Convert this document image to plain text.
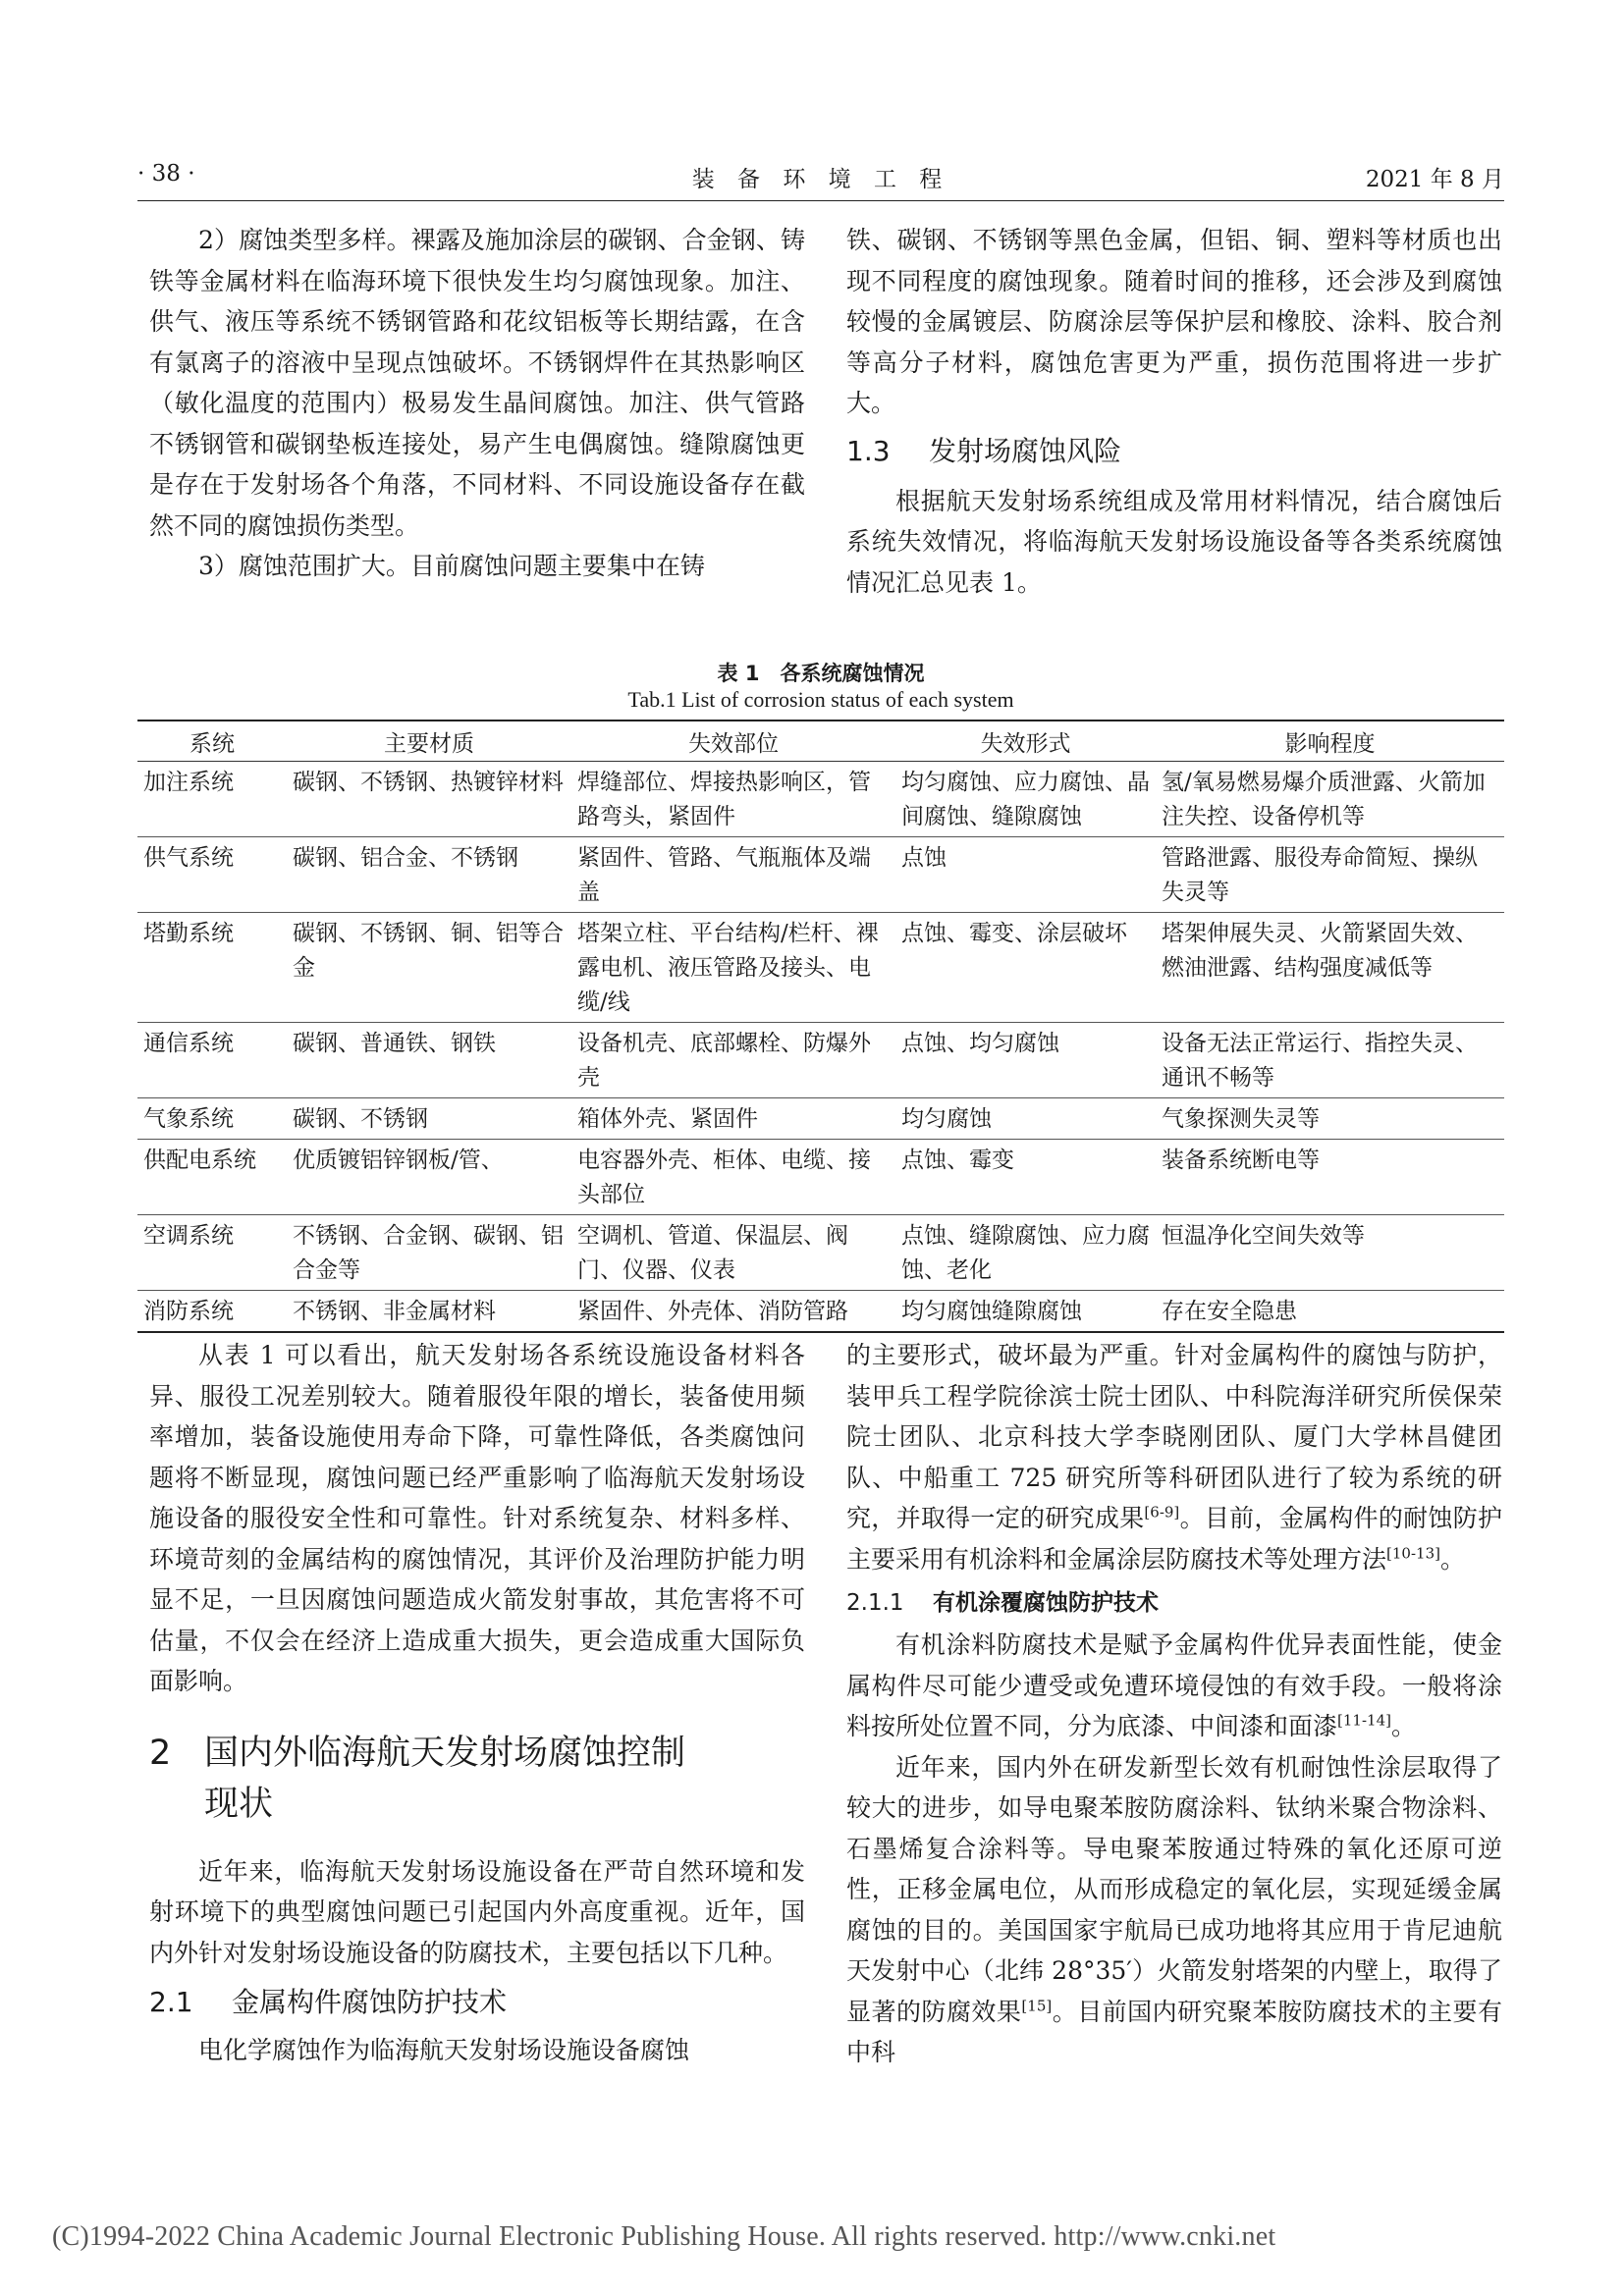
· 38 ·	装 备 环 境 工 程	2021 年 8 月

2）腐蚀类型多样。裸露及施加涂层的碳钢、合金钢、铸铁等金属材料在临海环境下很快发生均匀腐蚀现象。加注、供气、液压等系统不锈钢管路和花纹铝板等长期结露，在含有氯离子的溶液中呈现点蚀破坏。不锈钢焊件在其热影响区（敏化温度的范围内）极易发生晶间腐蚀。加注、供气管路不锈钢管和碳钢垫板连接处，易产生电偶腐蚀。缝隙腐蚀更是存在于发射场各个角落，不同材料、不同设施设备存在截然不同的腐蚀损伤类型。

3）腐蚀范围扩大。目前腐蚀问题主要集中在铸

铁、碳钢、不锈钢等黑色金属，但铝、铜、塑料等材质也出现不同程度的腐蚀现象。随着时间的推移，还会涉及到腐蚀较慢的金属镀层、防腐涂层等保护层和橡胶、涂料、胶合剂等高分子材料，腐蚀危害更为严重，损伤范围将进一步扩大。

1.3 发射场腐蚀风险

根据航天发射场系统组成及常用材料情况，结合腐蚀后系统失效情况，将临海航天发射场设施设备等各类系统腐蚀情况汇总见表 1。

表 1　各系统腐蚀情况
Tab.1 List of corrosion status of each system
系统	主要材质	失效部位	失效形式	影响程度
加注系统	碳钢、不锈钢、热镀锌材料	焊缝部位、焊接热影响区，管路弯头，紧固件	均匀腐蚀、应力腐蚀、晶间腐蚀、缝隙腐蚀	氢/氧易燃易爆介质泄露、火箭加注失控、设备停机等
供气系统	碳钢、铝合金、不锈钢	紧固件、管路、气瓶瓶体及端盖	点蚀	管路泄露、服役寿命简短、操纵失灵等
塔勤系统	碳钢、不锈钢、铜、铝等合金	塔架立柱、平台结构/栏杆、裸露电机、液压管路及接头、电缆/线	点蚀、霉变、涂层破坏	塔架伸展失灵、火箭紧固失效、燃油泄露、结构强度减低等
通信系统	碳钢、普通铁、钢铁	设备机壳、底部螺栓、防爆外壳	点蚀、均匀腐蚀	设备无法正常运行、指控失灵、通讯不畅等
气象系统	碳钢、不锈钢	箱体外壳、紧固件	均匀腐蚀	气象探测失灵等
供配电系统	优质镀铝锌钢板/管、	电容器外壳、柜体、电缆、接头部位	点蚀、霉变	装备系统断电等
空调系统	不锈钢、合金钢、碳钢、铝合金等	空调机、管道、保温层、阀门、仪器、仪表	点蚀、缝隙腐蚀、应力腐蚀、老化	恒温净化空间失效等
消防系统	不锈钢、非金属材料	紧固件、外壳体、消防管路	均匀腐蚀缝隙腐蚀	存在安全隐患

从表 1 可以看出，航天发射场各系统设施设备材料各异、服役工况差别较大。随着服役年限的增长，装备使用频率增加，装备设施使用寿命下降，可靠性降低，各类腐蚀问题将不断显现，腐蚀问题已经严重影响了临海航天发射场设施设备的服役安全性和可靠性。针对系统复杂、材料多样、环境苛刻的金属结构的腐蚀情况，其评价及治理防护能力明显不足，一旦因腐蚀问题造成火箭发射事故，其危害将不可估量，不仅会在经济上造成重大损失，更会造成重大国际负面影响。

2 国内外临海航天发射场腐蚀控制
现状

近年来，临海航天发射场设施设备在严苛自然环境和发射环境下的典型腐蚀问题已引起国内外高度重视。近年，国内外针对发射场设施设备的防腐技术，主要包括以下几种。

2.1 金属构件腐蚀防护技术

电化学腐蚀作为临海航天发射场设施设备腐蚀

的主要形式，破坏最为严重。针对金属构件的腐蚀与防护，装甲兵工程学院徐滨士院士团队、中科院海洋研究所侯保荣院士团队、北京科技大学李晓刚团队、厦门大学林昌健团队、中船重工 725 研究所等科研团队进行了较为系统的研究，并取得一定的研究成果[6-9]。目前，金属构件的耐蚀防护主要采用有机涂料和金属涂层防腐技术等处理方法[10-13]。

2.1.1 有机涂覆腐蚀防护技术

有机涂料防腐技术是赋予金属构件优异表面性能，使金属构件尽可能少遭受或免遭环境侵蚀的有效手段。一般将涂料按所处位置不同，分为底漆、中间漆和面漆[11-14]。

近年来，国内外在研发新型长效有机耐蚀性涂层取得了较大的进步，如导电聚苯胺防腐涂料、钛纳米聚合物涂料、石墨烯复合涂料等。导电聚苯胺通过特殊的氧化还原可逆性，正移金属电位，从而形成稳定的氧化层，实现延缓金属腐蚀的目的。美国国家宇航局已成功地将其应用于肯尼迪航天发射中心（北纬 28°35′）火箭发射塔架的内壁上，取得了显著的防腐效果[15]。目前国内研究聚苯胺防腐技术的主要有中科

(C)1994-2022 China Academic Journal Electronic Publishing House. All rights reserved. http://www.cnki.net
